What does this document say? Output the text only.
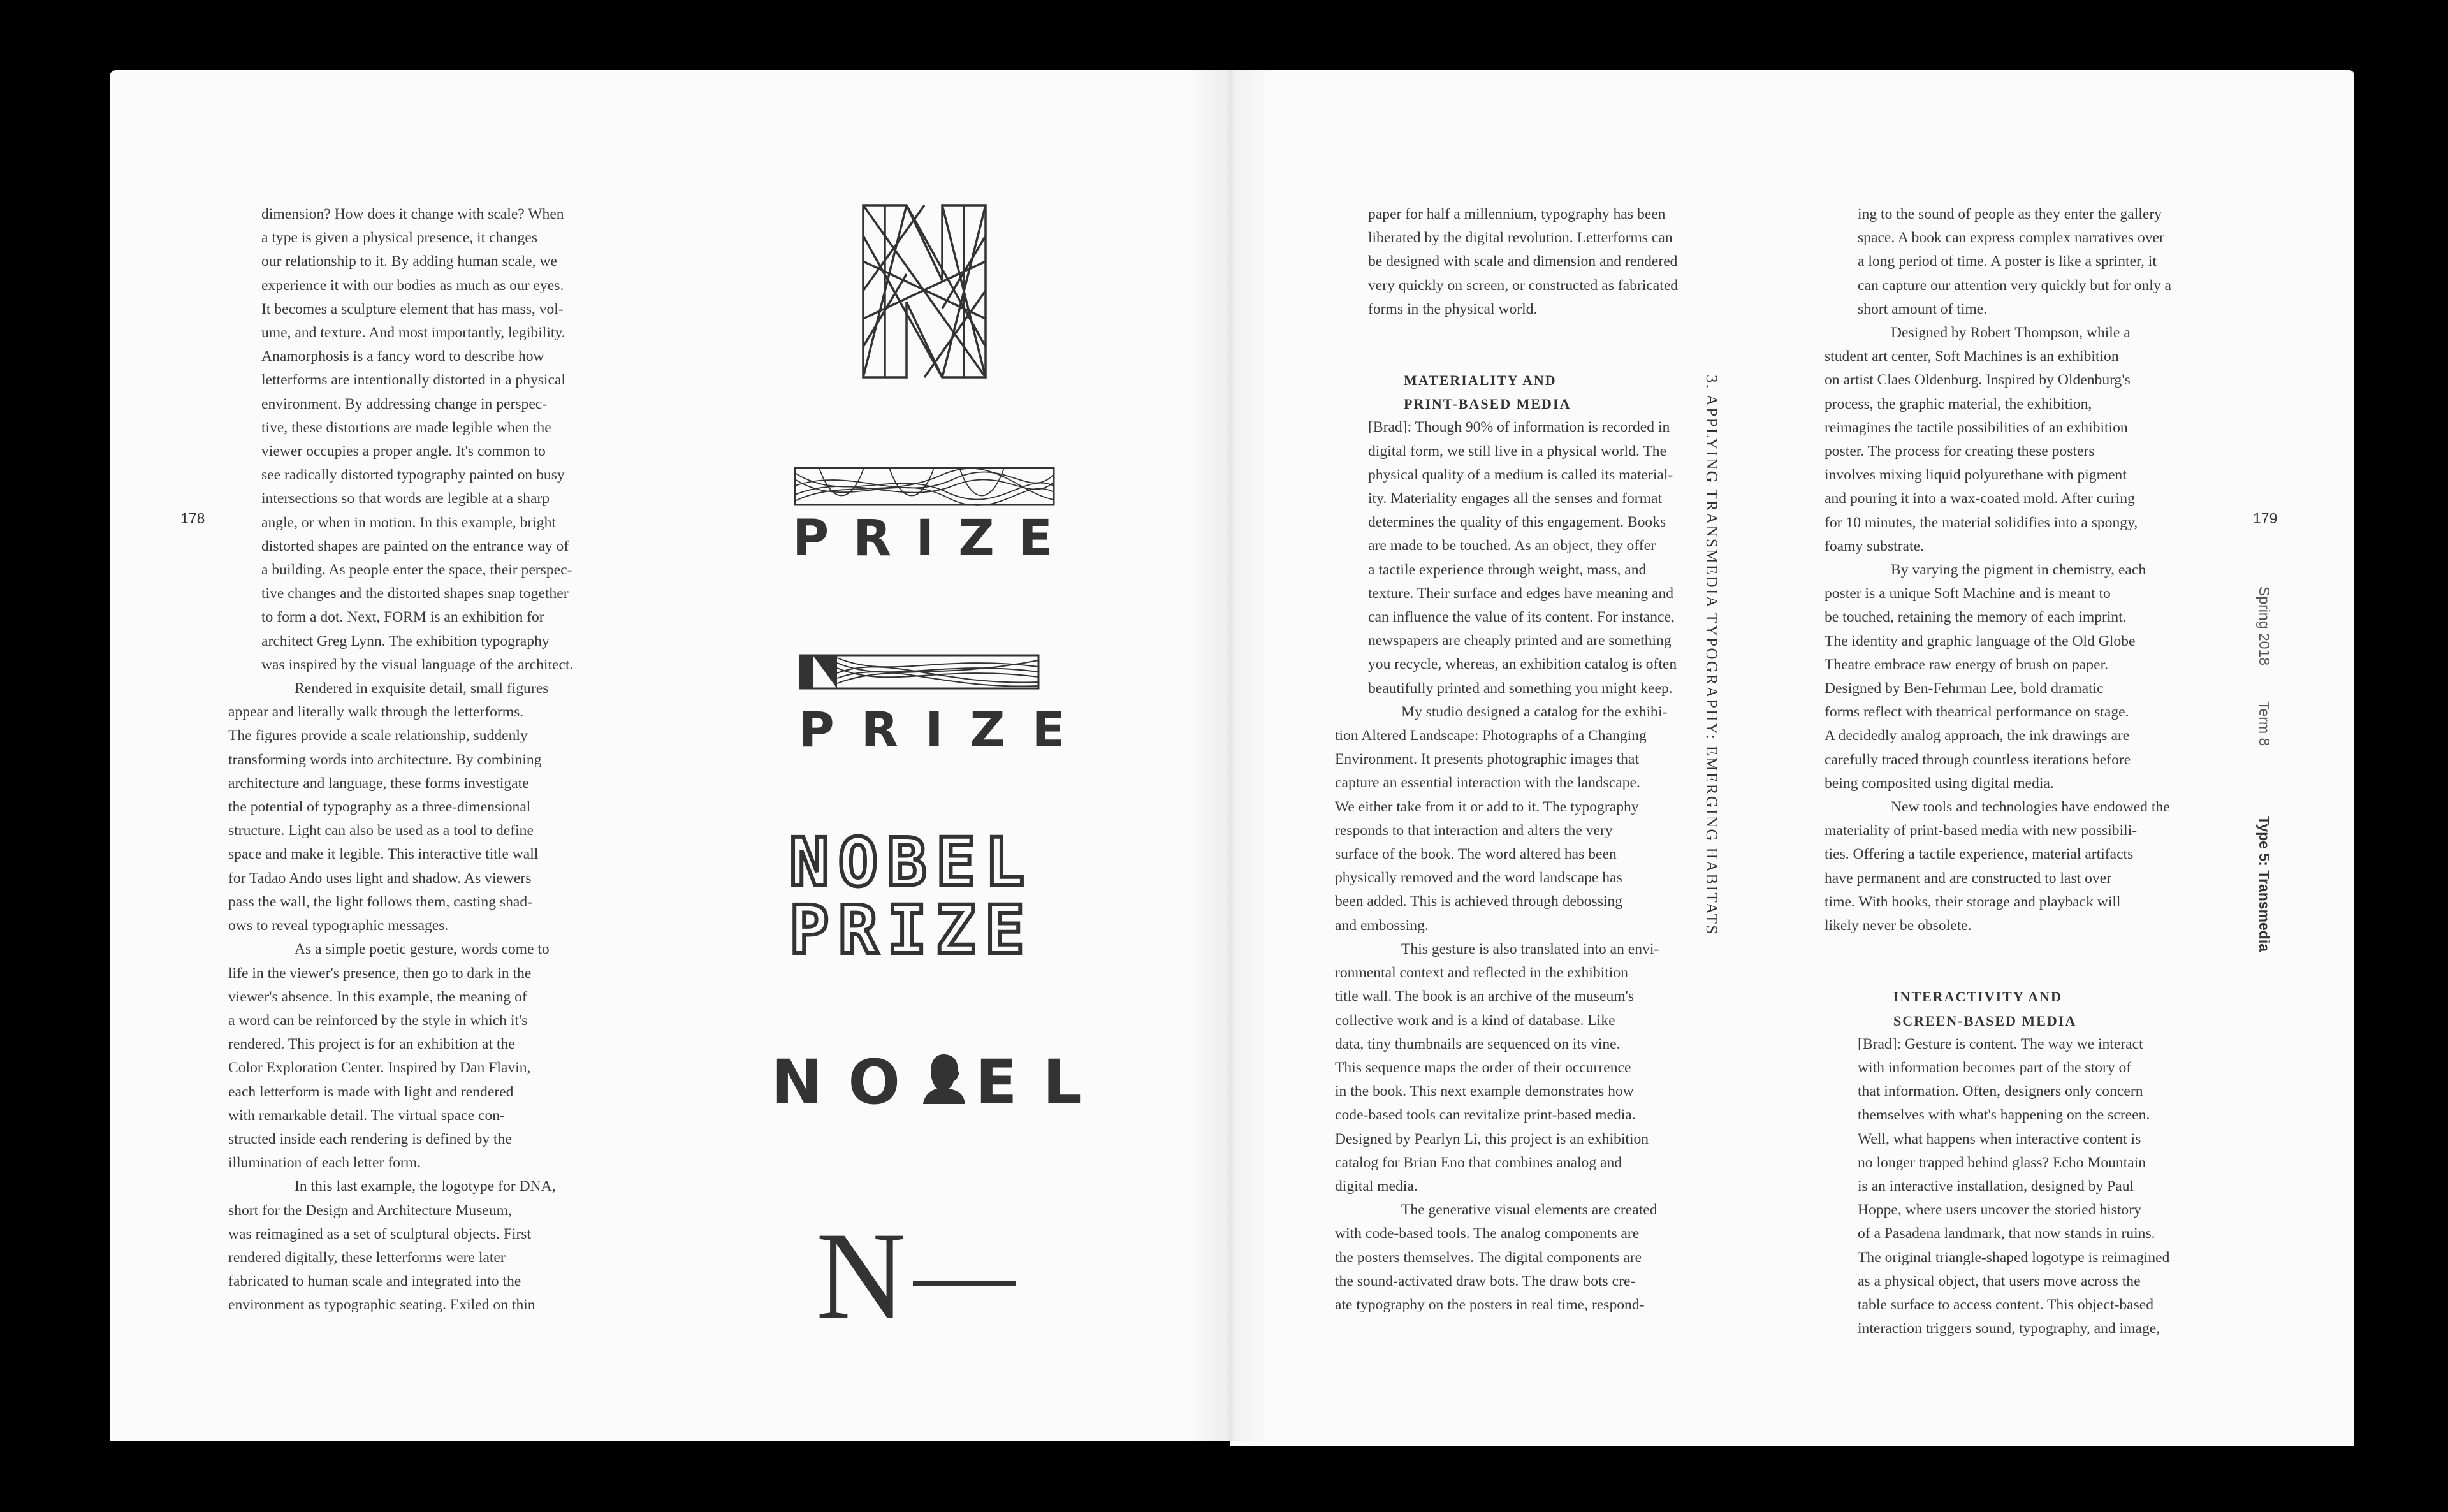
178	179

dimension? How does it change with scale? When
a type is given a physical presence, it changes
our relationship to it. By adding human scale, we
experience it with our bodies as much as our eyes.
It becomes a sculpture element that has mass, vol-
ume, and texture. And most importantly, legibility.
Anamorphosis is a fancy word to describe how
letterforms are intentionally distorted in a physical
environment. By addressing change in perspec-
tive, these distortions are made legible when the
viewer occupies a proper angle. It's common to
see radically distorted typography painted on busy
intersections so that words are legible at a sharp
angle, or when in motion. In this example, bright
distorted shapes are painted on the entrance way of
a building. As people enter the space, their perspec-
tive changes and the distorted shapes snap together
to form a dot. Next, FORM is an exhibition for
architect Greg Lynn. The exhibition typography
was inspired by the visual language of the architect.

Rendered in exquisite detail, small figures
appear and literally walk through the letterforms.
The figures provide a scale relationship, suddenly
transforming words into architecture. By combining
architecture and language, these forms investigate
the potential of typography as a three-dimensional
structure. Light can also be used as a tool to define
space and make it legible. This interactive title wall
for Tadao Ando uses light and shadow. As viewers
pass the wall, the light follows them, casting shad-
ows to reveal typographic messages.

As a simple poetic gesture, words come to
life in the viewer's presence, then go to dark in the
viewer's absence. In this example, the meaning of
a word can be reinforced by the style in which it's
rendered. This project is for an exhibition at the
Color Exploration Center. Inspired by Dan Flavin,
each letterform is made with light and rendered
with remarkable detail. The virtual space con-
structed inside each rendering is defined by the
illumination of each letter form.

In this last example, the logotype for DNA,
short for the Design and Architecture Museum,
was reimagined as a set of sculptural objects. First
rendered digitally, these letterforms were later
fabricated to human scale and integrated into the
environment as typographic seating. Exiled on thin

paper for half a millennium, typography has been
liberated by the digital revolution. Letterforms can
be designed with scale and dimension and rendered
very quickly on screen, or constructed as fabricated
forms in the physical world.

MATERIALITY AND
PRINT-BASED MEDIA

[Brad]: Though 90% of information is recorded in
digital form, we still live in a physical world. The
physical quality of a medium is called its material-
ity. Materiality engages all the senses and format
determines the quality of this engagement. Books
are made to be touched. As an object, they offer
a tactile experience through weight, mass, and
texture. Their surface and edges have meaning and
can influence the value of its content. For instance,
newspapers are cheaply printed and are something
you recycle, whereas, an exhibition catalog is often
beautifully printed and something you might keep.

My studio designed a catalog for the exhibi-
tion Altered Landscape: Photographs of a Changing
Environment. It presents photographic images that
capture an essential interaction with the landscape.
We either take from it or add to it. The typography
responds to that interaction and alters the very
surface of the book. The word altered has been
physically removed and the word landscape has
been added. This is achieved through debossing
and embossing.

This gesture is also translated into an envi-
ronmental context and reflected in the exhibition
title wall. The book is an archive of the museum's
collective work and is a kind of database. Like
data, tiny thumbnails are sequenced on its vine.
This sequence maps the order of their occurrence
in the book. This next example demonstrates how
code-based tools can revitalize print-based media.
Designed by Pearlyn Li, this project is an exhibition
catalog for Brian Eno that combines analog and
digital media.

The generative visual elements are created
with code-based tools. The analog components are
the posters themselves. The digital components are
the sound-activated draw bots. The draw bots cre-
ate typography on the posters in real time, respond-

ing to the sound of people as they enter the gallery
space. A book can express complex narratives over
a long period of time. A poster is like a sprinter, it
can capture our attention very quickly but for only a
short amount of time.

Designed by Robert Thompson, while a
student art center, Soft Machines is an exhibition
on artist Claes Oldenburg. Inspired by Oldenburg's
process, the graphic material, the exhibition,
reimagines the tactile possibilities of an exhibition
poster. The process for creating these posters
involves mixing liquid polyurethane with pigment
and pouring it into a wax-coated mold. After curing
for 10 minutes, the material solidifies into a spongy,
foamy substrate.

By varying the pigment in chemistry, each
poster is a unique Soft Machine and is meant to
be touched, retaining the memory of each imprint.
The identity and graphic language of the Old Globe
Theatre embrace raw energy of brush on paper.
Designed by Ben-Fehrman Lee, bold dramatic
forms reflect with theatrical performance on stage.
A decidedly analog approach, the ink drawings are
carefully traced through countless iterations before
being composited using digital media.

New tools and technologies have endowed the
materiality of print-based media with new possibili-
ties. Offering a tactile experience, material artifacts
have permanent and are constructed to last over
time. With books, their storage and playback will
likely never be obsolete.

INTERACTIVITY AND
SCREEN-BASED MEDIA

[Brad]: Gesture is content. The way we interact
with information becomes part of the story of
that information. Often, designers only concern
themselves with what's happening on the screen.
Well, what happens when interactive content is
no longer trapped behind glass? Echo Mountain
is an interactive installation, designed by Paul
Hoppe, where users uncover the storied history
of a Pasadena landmark, that now stands in ruins.
The original triangle-shaped logotype is reimagined
as a physical object, that users move across the
table surface to access content. This object-based
interaction triggers sound, typography, and image,

3. APPLYING TRANSMEDIA TYPOGRAPHY: EMERGING HABITATS	Spring 2018
Term 8
Type 5: Transmedia
PRIZE
PRIZE
NOBEL
PRIZE
NO EL
N
